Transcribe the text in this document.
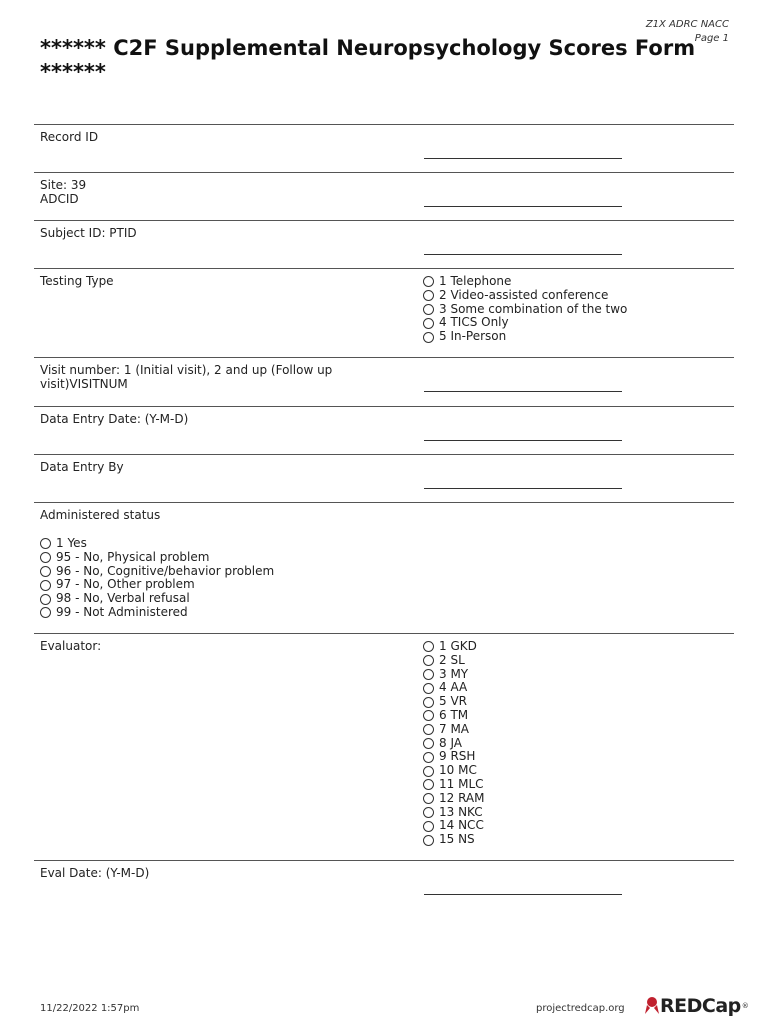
Z1X ADRC NACC
Page 1
****** C2F Supplemental Neuropsychology Scores Form ******
Record ID
Site: 39
ADCID
Subject ID: PTID
Testing Type	1 Telephone
2 Video-assisted conference
3 Some combination of the two
4 TICS Only
5 In-Person
Visit number: 1 (Initial visit), 2 and up (Follow up
visit)VISITNUM
Data Entry Date: (Y-M-D)
Data Entry By
Administered status
1 Yes
95 - No, Physical problem
96 - No, Cognitive/behavior problem
97 - No, Other problem
98 - No, Verbal refusal
99 - Not Administered
Evaluator:	1 GKD
2 SL
3 MY
4 AA
5 VR
6 TM
7 MA
8 JA
9 RSH
10 MC
11 MLC
12 RAM
13 NKC
14 NCC
15 NS
Eval Date: (Y-M-D)
11/22/2022 1:57pm	projectredcap.org REDCap ®
